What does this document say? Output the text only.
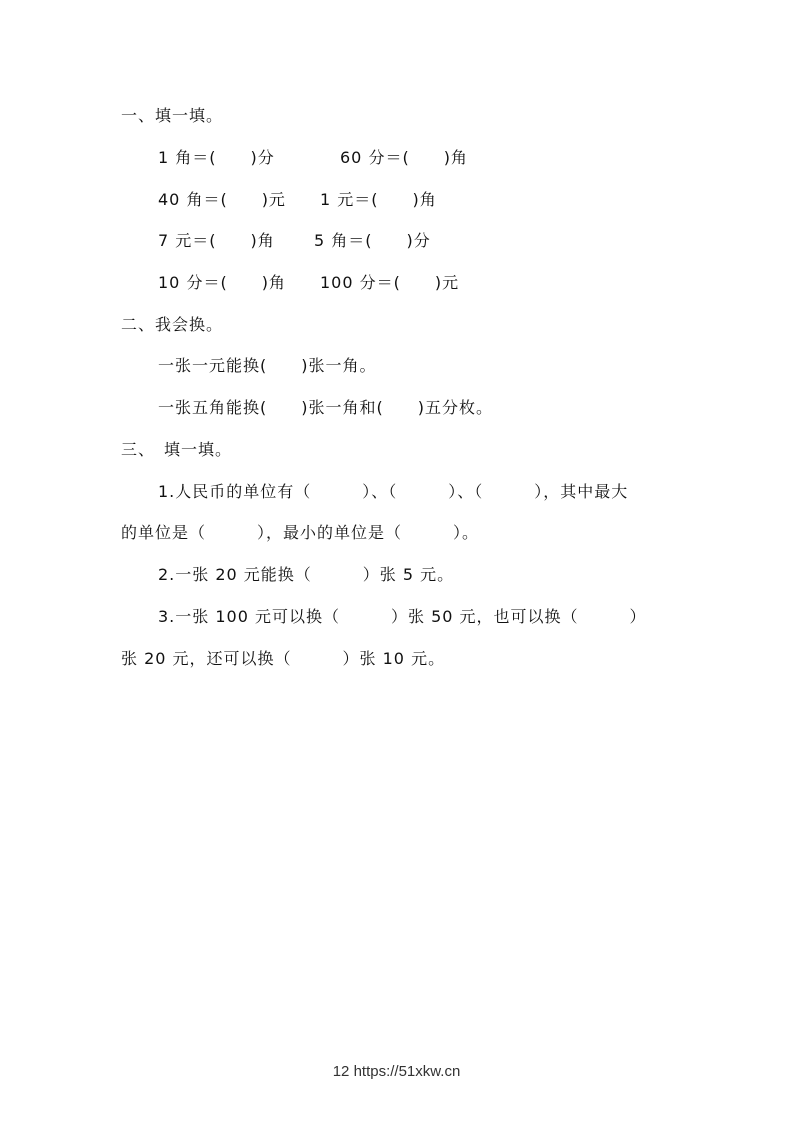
一、填一填。
1 角＝(　　)分	60 分＝(　　)角
40 角＝(　　)元 1 元＝(　　)角
7 元＝(　　)角 5 角＝(　　)分
10 分＝(　　)角 100 分＝(　　)元
二、我会换。
一张一元能换(　　)张一角。
一张五角能换(　　)张一角和(　　)五分枚。
三、　填一填。
1.人民币的单位有（　　　）、（　　　）、（　　　），其中最大
的单位是（　　　），最小的单位是（　　　）。
2.一张 20 元能换（　　　）张 5 元。
3.一张 100 元可以换（　　　）张 50 元，也可以换（　　　）
张 20 元，还可以换（　　　）张 10 元。
12 https://51xkw.cn
